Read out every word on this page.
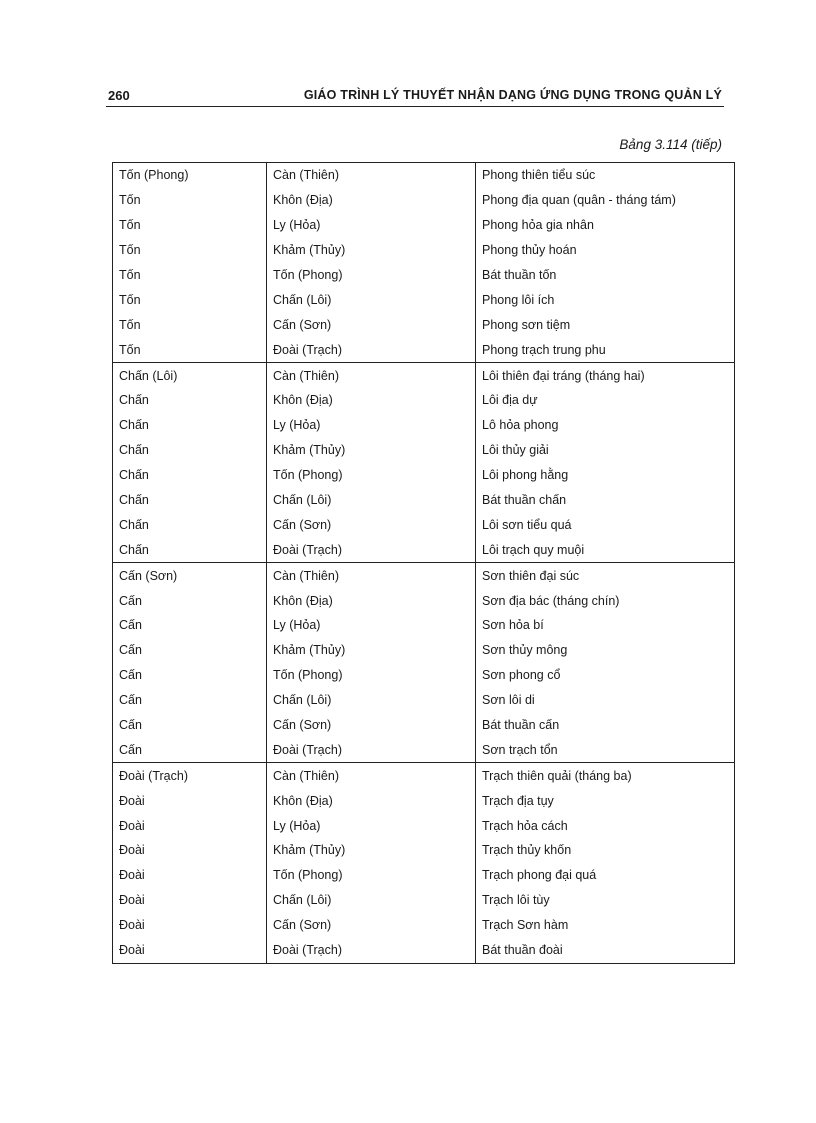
260	GIÁO TRÌNH LÝ THUYẾT NHẬN DẠNG ỨNG DỤNG TRONG QUẢN LÝ
Bảng 3.114 (tiếp)
Tốn (Phong)	Càn (Thiên)	Phong thiên tiểu súc
Tốn	Khôn (Địa)	Phong địa quan (quân - tháng tám)
Tốn	Ly (Hỏa)	Phong hỏa gia nhân
Tốn	Khảm (Thủy)	Phong thủy hoán
Tốn	Tốn (Phong)	Bát thuần tốn
Tốn	Chấn (Lôi)	Phong lôi ích
Tốn	Cấn (Sơn)	Phong sơn tiệm
Tốn	Đoài (Trạch)	Phong trạch trung phu
Chấn (Lôi)	Càn (Thiên)	Lôi thiên đại tráng (tháng hai)
Chấn	Khôn (Địa)	Lôi địa dự
Chấn	Ly (Hỏa)	Lô hỏa phong
Chấn	Khảm (Thủy)	Lôi thủy giải
Chấn	Tốn (Phong)	Lôi phong hằng
Chấn	Chấn (Lôi)	Bát thuần chấn
Chấn	Cấn (Sơn)	Lôi sơn tiểu quá
Chấn	Đoài (Trạch)	Lôi trạch quy muội
Cấn (Sơn)	Càn (Thiên)	Sơn thiên đại súc
Cấn	Khôn (Địa)	Sơn địa bác (tháng chín)
Cấn	Ly (Hỏa)	Sơn hỏa bí
Cấn	Khảm (Thủy)	Sơn thủy mông
Cấn	Tốn (Phong)	Sơn phong cổ
Cấn	Chấn (Lôi)	Sơn lôi di
Cấn	Cấn (Sơn)	Bát thuần cấn
Cấn	Đoài (Trạch)	Sơn trạch tổn
Đoài (Trạch)	Càn (Thiên)	Trạch thiên quải (tháng ba)
Đoài	Khôn (Địa)	Trạch địa tụy
Đoài	Ly (Hỏa)	Trạch hỏa cách
Đoài	Khảm (Thủy)	Trạch thủy khốn
Đoài	Tốn (Phong)	Trạch phong đại quá
Đoài	Chấn (Lôi)	Trạch lôi tùy
Đoài	Cấn (Sơn)	Trạch Sơn hàm
Đoài	Đoài (Trạch)	Bát thuần đoài
